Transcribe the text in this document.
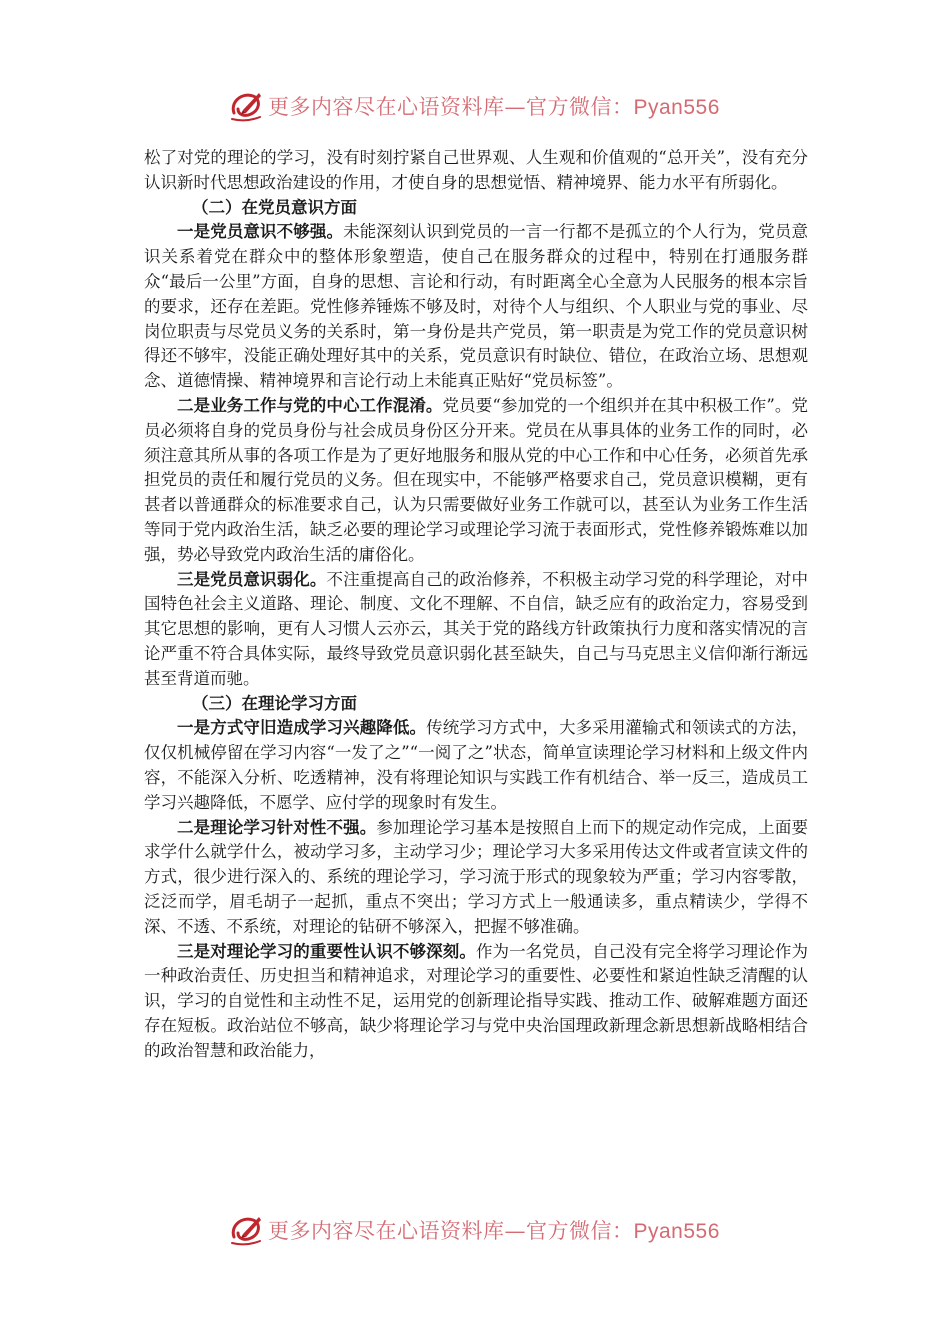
更多内容尽在心语资料库—官方微信：Pyan556

松了对党的理论的学习，没有时刻拧紧自己世界观、人生观和价值观的“总开关”，没有充分认识新时代思想政治建设的作用，才使自身的思想觉悟、精神境界、能力水平有所弱化。

（二）在党员意识方面

一是党员意识不够强。未能深刻认识到党员的一言一行都不是孤立的个人行为，党员意识关系着党在群众中的整体形象塑造，使自己在服务群众的过程中，特别在打通服务群众“最后一公里”方面，自身的思想、言论和行动，有时距离全心全意为人民服务的根本宗旨的要求，还存在差距。党性修养锤炼不够及时，对待个人与组织、个人职业与党的事业、尽岗位职责与尽党员义务的关系时，第一身份是共产党员，第一职责是为党工作的党员意识树得还不够牢，没能正确处理好其中的关系，党员意识有时缺位、错位，在政治立场、思想观念、道德情操、精神境界和言论行动上未能真正贴好“党员标签”。

二是业务工作与党的中心工作混淆。党员要“参加党的一个组织并在其中积极工作”。党员必须将自身的党员身份与社会成员身份区分开来。党员在从事具体的业务工作的同时，必须注意其所从事的各项工作是为了更好地服务和服从党的中心工作和中心任务，必须首先承担党员的责任和履行党员的义务。但在现实中，不能够严格要求自己，党员意识模糊，更有甚者以普通群众的标准要求自己，认为只需要做好业务工作就可以，甚至认为业务工作生活等同于党内政治生活，缺乏必要的理论学习或理论学习流于表面形式，党性修养锻炼难以加强，势必导致党内政治生活的庸俗化。

三是党员意识弱化。不注重提高自己的政治修养，不积极主动学习党的科学理论，对中国特色社会主义道路、理论、制度、文化不理解、不自信，缺乏应有的政治定力，容易受到其它思想的影响，更有人习惯人云亦云，其关于党的路线方针政策执行力度和落实情况的言论严重不符合具体实际，最终导致党员意识弱化甚至缺失，自己与马克思主义信仰渐行渐远甚至背道而驰。

（三）在理论学习方面

一是方式守旧造成学习兴趣降低。传统学习方式中，大多采用灌输式和领读式的方法，仅仅机械停留在学习内容“一发了之”“一阅了之”状态，简单宣读理论学习材料和上级文件内容，不能深入分析、吃透精神，没有将理论知识与实践工作有机结合、举一反三，造成员工学习兴趣降低，不愿学、应付学的现象时有发生。

二是理论学习针对性不强。参加理论学习基本是按照自上而下的规定动作完成，上面要求学什么就学什么，被动学习多，主动学习少；理论学习大多采用传达文件或者宣读文件的方式，很少进行深入的、系统的理论学习，学习流于形式的现象较为严重；学习内容零散，泛泛而学，眉毛胡子一起抓，重点不突出；学习方式上一般通读多，重点精读少，学得不深、不透、不系统，对理论的钻研不够深入，把握不够准确。

三是对理论学习的重要性认识不够深刻。作为一名党员，自己没有完全将学习理论作为一种政治责任、历史担当和精神追求，对理论学习的重要性、必要性和紧迫性缺乏清醒的认识，学习的自觉性和主动性不足，运用党的创新理论指导实践、推动工作、破解难题方面还存在短板。政治站位不够高，缺少将理论学习与党中央治国理政新理念新思想新战略相结合的政治智慧和政治能力，

更多内容尽在心语资料库—官方微信：Pyan556
